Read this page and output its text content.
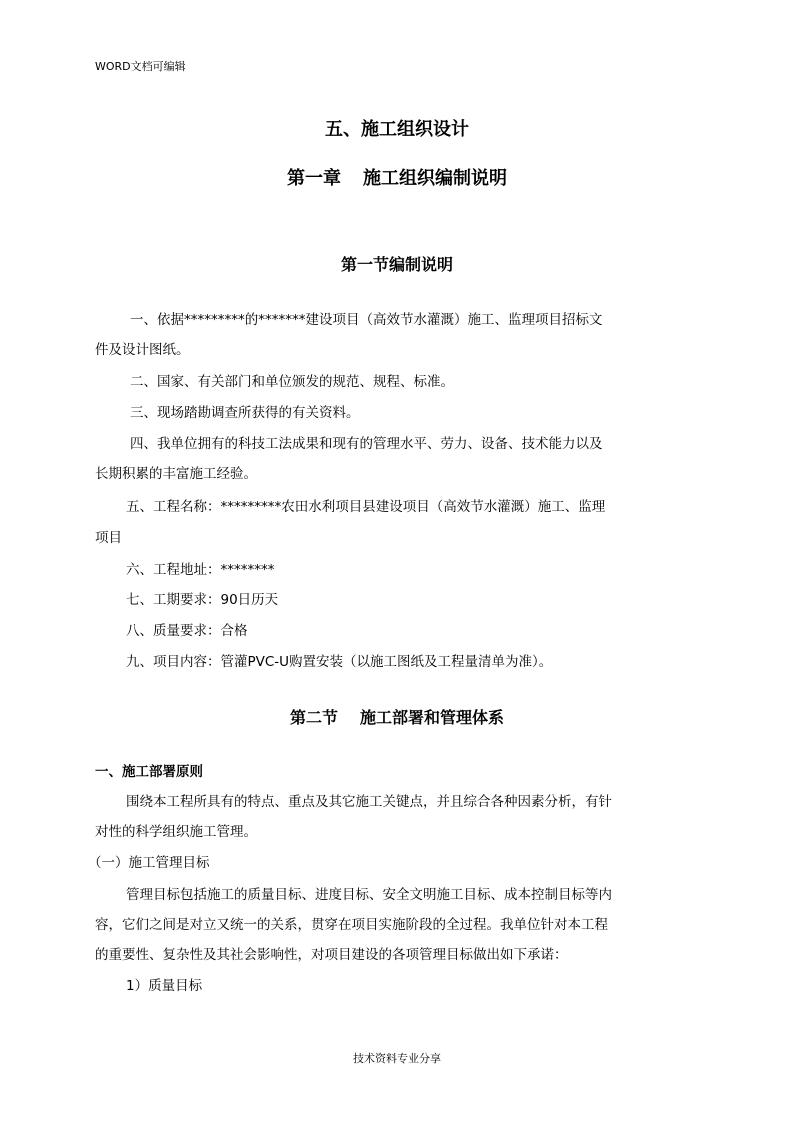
WORD文档可编辑
五、施工组织设计
第一章 施工组织编制说明
第一节编制说明
一、依据*********的*******建设项目（高效节水灌溉）施工、监理项目招标文
件及设计图纸。
二、国家、有关部门和单位颁发的规范、规程、标准。
三、现场踏勘调查所获得的有关资料。
四、我单位拥有的科技工法成果和现有的管理水平、劳力、设备、技术能力以及
长期积累的丰富施工经验。
五、工程名称：*********农田水利项目县建设项目（高效节水灌溉）施工、监理
项目
六、工程地址：********
七、工期要求：90日历天
八、质量要求：合格
九、项目内容：管灌PVC-U购置安装（以施工图纸及工程量清单为准）。
第二节 施工部署和管理体系
一、施工部署原则
围绕本工程所具有的特点、重点及其它施工关键点，并且综合各种因素分析，有针
对性的科学组织施工管理。
（一）施工管理目标
管理目标包括施工的质量目标、进度目标、安全文明施工目标、成本控制目标等内
容，它们之间是对立又统一的关系，贯穿在项目实施阶段的全过程。我单位针对本工程
的重要性、复杂性及其社会影响性，对项目建设的各项管理目标做出如下承诺：
1）质量目标
技术资料专业分享
